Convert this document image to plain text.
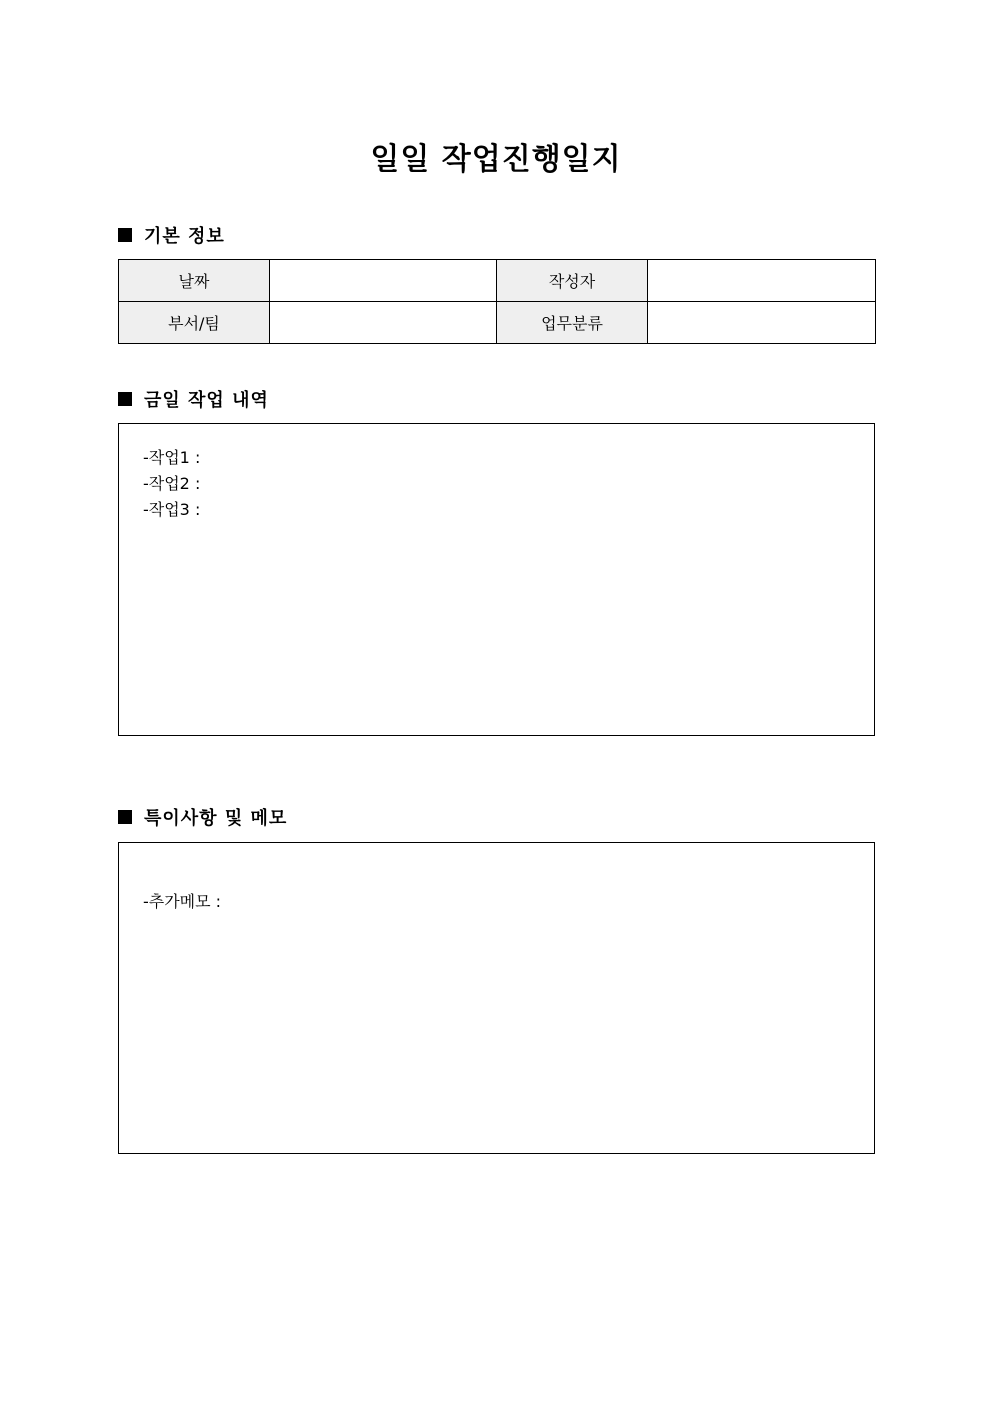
일일 작업진행일지
기본 정보
날짜		작성자	
부서/팀		업무분류	
금일 작업 내역
-작업1 :
-작업2 :
-작업3 :
특이사항 및 메모
-추가메모 :
